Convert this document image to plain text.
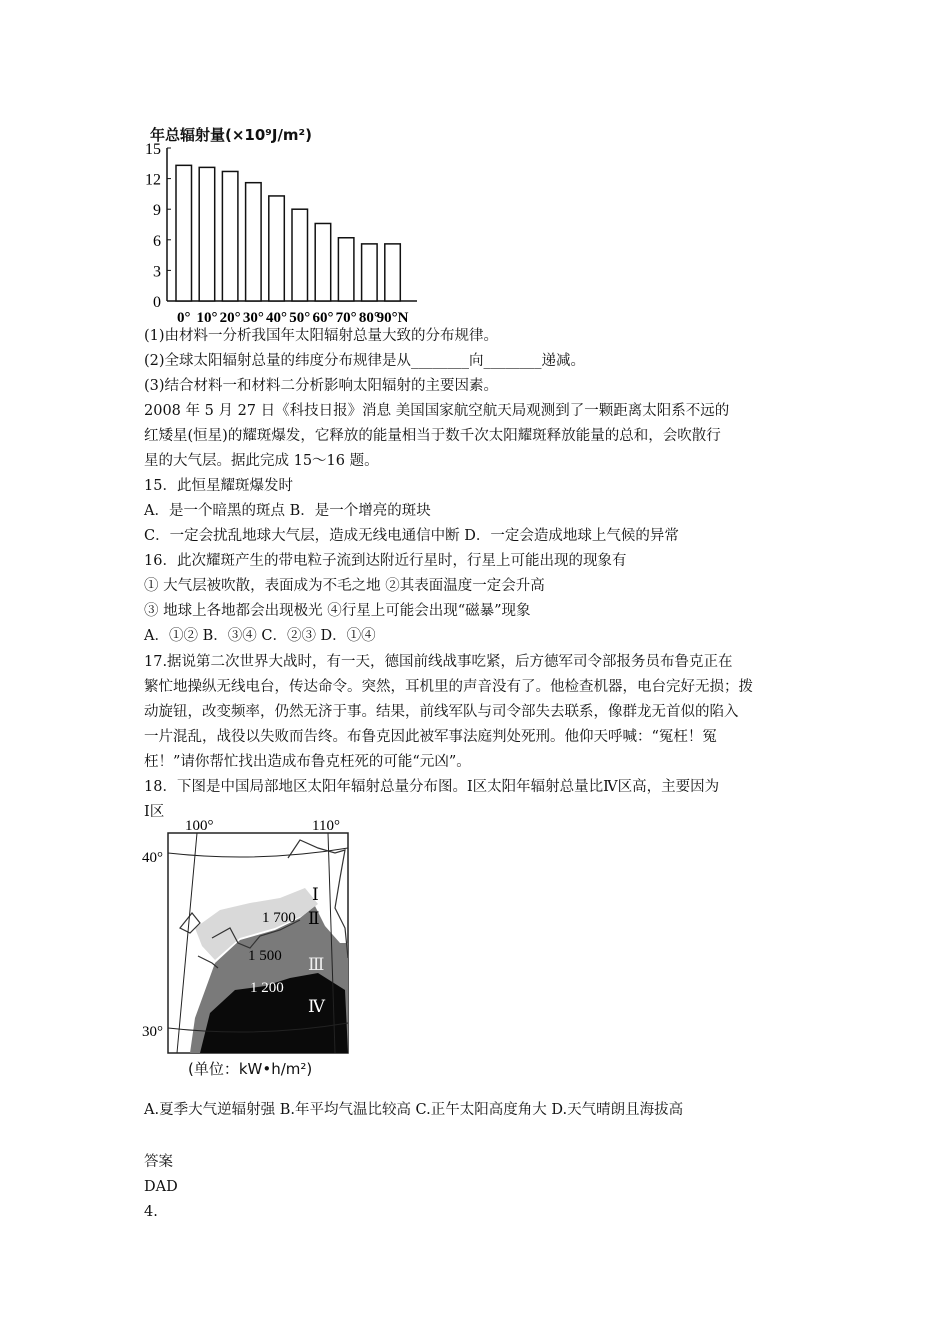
年总辐射量(×10⁹J/m²)
15
12
9
6
3
0
0° 10° 20° 30° 40° 50° 60° 70° 80°
90°N
(1)由材料一分析我国年太阳辐射总量大致的分布规律。
(2)全球太阳辐射总量的纬度分布规律是从________向________递减。
(3)结合材料一和材料二分析影响太阳辐射的主要因素。
2008 年 5 月 27 日《科技日报》消息 美国国家航空航天局观测到了一颗距离太阳系不远的
红矮星(恒星)的耀斑爆发，它释放的能量相当于数千次太阳耀斑释放能量的总和，会吹散行
星的大气层。据此完成 15～16 题。
15．此恒星耀斑爆发时
A．是一个暗黑的斑点 B．是一个增亮的斑块
C．一定会扰乱地球大气层，造成无线电通信中断 D．一定会造成地球上气候的异常
16．此次耀斑产生的带电粒子流到达附近行星时，行星上可能出现的现象有
① 大气层被吹散，表面成为不毛之地 ②其表面温度一定会升高
③ 地球上各地都会出现极光 ④行星上可能会出现“磁暴”现象
A．①② B．③④ C．②③ D．①④
17.据说第二次世界大战时，有一天，德国前线战事吃紧，后方德军司令部报务员布鲁克正在
繁忙地操纵无线电台，传达命令。突然，耳机里的声音没有了。他检查机器，电台完好无损；拨
动旋钮，改变频率，仍然无济于事。结果，前线军队与司令部失去联系，像群龙无首似的陷入
一片混乱，战役以失败而告终。布鲁克因此被军事法庭判处死刑。他仰天呼喊：“冤枉！冤
枉！”请你帮忙找出造成布鲁克枉死的可能“元凶”。
18．下图是中国局部地区太阳年辐射总量分布图。Ⅰ区太阳年辐射总量比Ⅳ区高，主要因为
Ⅰ区
100°	110°
40°
30°
Ⅰ
Ⅱ
Ⅲ
Ⅳ
1 700
1 500
1 200
(单位：kW•h/m²)
A.夏季大气逆辐射强 B.年平均气温比较高 C.正午太阳高度角大 D.天气晴朗且海拔高
答案
DAD
4.
